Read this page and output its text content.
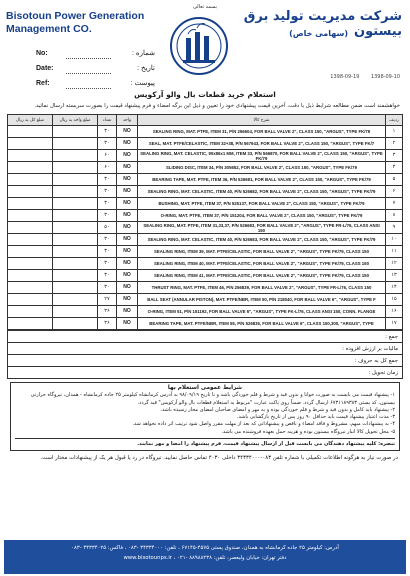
بسمه تعالی
Bisotoun Power Generation Management CO.
شرکت مدیریت تولید برق بیستون
(سهامی خاص)
No:	شماره :
Date:	تاریخ :
Ref:	پیوست :
1398-09-19 1398-09-10
استعلام خرید قطعات بال والو آرکویس
خواهشمند است ضمن مطالعه شرایط ذیل با دقت، آخرین قیمت پیشنهادی خود را تعیین و ذیل این برگه امضاء و فرم پیشنهاد قیمت را بصورت سربسته ارسال نمائید.
مبلغ کل به ریال	مبلغ واحد به ریال	تعداد	واحد	شرح کالا	ردیف
		۳۰	NO	SEALING RING, MAT. PTFE, ITEM 31, P/N 256604, FOR BALL VALVE 2", CLASS 150, "ARGUS", TYPE FK/79	۱
		۳۰	NO	SEAL, MAT. PTFE/CELASTIC, ITEM 32+38, P/N 567943, FOR BALL VALVE 2", CLASS 150, "ARGUS", TYPE FK/7	۲
		۶۰	NO	SEALING RING, MAT. CELASTIC, 90x86x1 MM, ITEM 33, P/N 566870, FOR BALL VALVE 2", CLASS 150, "ARGUS", TYPE FK/79	۳
		۶۰	NO	SLIDING DISC, ITEM 34, P/N 305652, FOR BALL VALVE 2", CLASS 150, "ARGUS", TYPE FK/79	۴
		۳۰	NO	BEARING TAPE, MAT. PTFE, ITEM 36, P/N 526681, FOR BALL VALVE 2", CLASS 150, "ARGUS", TYPE FK/79	۵
		۳۰	NO	SEALING RING, MAT. CELASTIC, ITEM 40, P/N 526682, FOR BALL VALVE 2", CLASS 150, "ARGUS", TYPE FK/79	۶
		۳۰	NO	BUSHING, MAT. PTFE, ITEM 37, P/N 525137, FOR BALL VALVE 2", CLASS 150, "ARGUS", TYPE FK/79	۷
		۳۰	NO	O-RING, MAT. PTFE, ITEM 37, P/N 151204, FOR BALL VALVE 2", CLASS 150, "ARGUS", TYPE FK/79	۸
		۵۰	NO	SEALING RING, MAT. PTFE, ITEM 31,33,37, P/N 526683, FOR BALL VALVE 2", "ARGUS", TYPE FR-L/76, CLASS ANSI 150	۹
		۳۰	NO	SEALING RING, MAT. CELASTIC, ITEM 40, P/N 526683, FOR BALL VALVE 2", CLASS 150, "ARGUS", TYPE FK/79	۱۰
		۳۰	NO	SEALING RING, ITEM 39, MAT. PTFE/CELASTIC, FOR BALL VALVE 2", "ARGUS", TYPE FK/79, CLASS 150	۱۱
		۳۰	NO	SEALING RING, ITEM 40, MAT. PTFE/CELASTIC, FOR BALL VALVE 2", "ARGUS", TYPE FK/79, CLASS 150	۱۲
		۳۰	NO	SEALING RING, ITEM 41, MAT. PTFE/CELASTIC, FOR BALL VALVE 2", "ARGUS", TYPE FK/79, CLASS 150	۱۳
		۳۰	NO	THRUST RING, MAT. PTFE, ITEM 46, P/N 256839, FOR BALL VALVE 2", "ARGUS", TYPE FR-L/76, CLASS 150	۱۴
		۲۷	NO	BALL SEAT (ANNULAR PISTON), MAT. PTFE/NBR, ITEM 50, P/N 218040, FOR BALL VALVE 6", "ARGUS", TYPE F	۱۵
		۳۶	NO	O-RING, ITEM 51, P/N 151192, FOR BALL VALVE 6", "ARGUS", TYPE FK-L/76, CLASS ANSI 150, CONN. FLANGE	۱۶
		۳۶	NO	BEARING TAPE, MAT. PTFE/NBR, ITEM 55, P/N 526835, FOR BALL VALVE 6", CLASS 150,300, "ARGUS", TYPE	۱۷
جمع :
مالیات بر ارزش افزوده :
جمع کل به حروف :
زمان تحویل :
شرایط عمومی استعلام بها
۱- پیشنهاد قیمت می بایست به صورت خوانا و بدون قید و شرط و قلم خوردگی باشد و تا تاریخ ۹۸/۰۹/۱۹ به آدرس کرمانشاه کیلومتر ۲۵ جاده کرمانشاه - همدان، نیروگاه حرارتی بیستون، کد پستی ۶۷۳۱۱۸۹۳۸۳ ارسال گردد. ضمناً روی پاکت عبارت "مربوط به استعلام قطعات بال والو آرکویس" قید گردد.
۲- پیشنهاد باید کامل و بدون قید و شرط و قلم خوردگی بوده و به مهر و امضای صاحبان امضای مجاز رسیده باشد.
۳- مدت اعتبار پیشنهاد قیمت باید حداقل ۹۰ روز پس از تاریخ بازگشایی باشد.
۴- به پیشنهادات مبهم، مشروط و فاقد امضاء و ناقص و پیشنهاداتی که بعد از مهلت مقرر واصل شود ترتیب اثر داده نخواهد شد.
۵- محل تحویل کالا انبار نیروگاه بیستون بوده و هزینه حمل بعهده فروشنده می باشد.
تبصره: کلیه پیشنهاد دهندگان می بایست قبل از ارسال پیشنهاد قیمت، فرم پیشنهاد را امضا و مهر نمایند.
در صورت نیاز به هرگونه اطلاعات تکمیلی با شماره تلفن ۰۸۳-۳۴۳۳۴۰۰۰ داخلی ۴۰۳۰ تماس حاصل نمایید. نیروگاه در رد یا قبول هر یک از پیشنهادات مختار است.
آدرس: کیلومتر ۲۵ جاده کرمانشاه به همدان، صندوق پستی ۴۵۷۵-۶۷۱۴۵ ، تلفن: ۳۴۳۳۴۰۰۰ -۰۸۳ ، فاکس: ۳۴۳۳۴۰۲۵ -۰۸۳
دفتر تهران: خیابان ولیعصر، تلفن: ۸۸۹۸۸۲۳۸ -۰۲۱ ، www.bisotounps.ir
